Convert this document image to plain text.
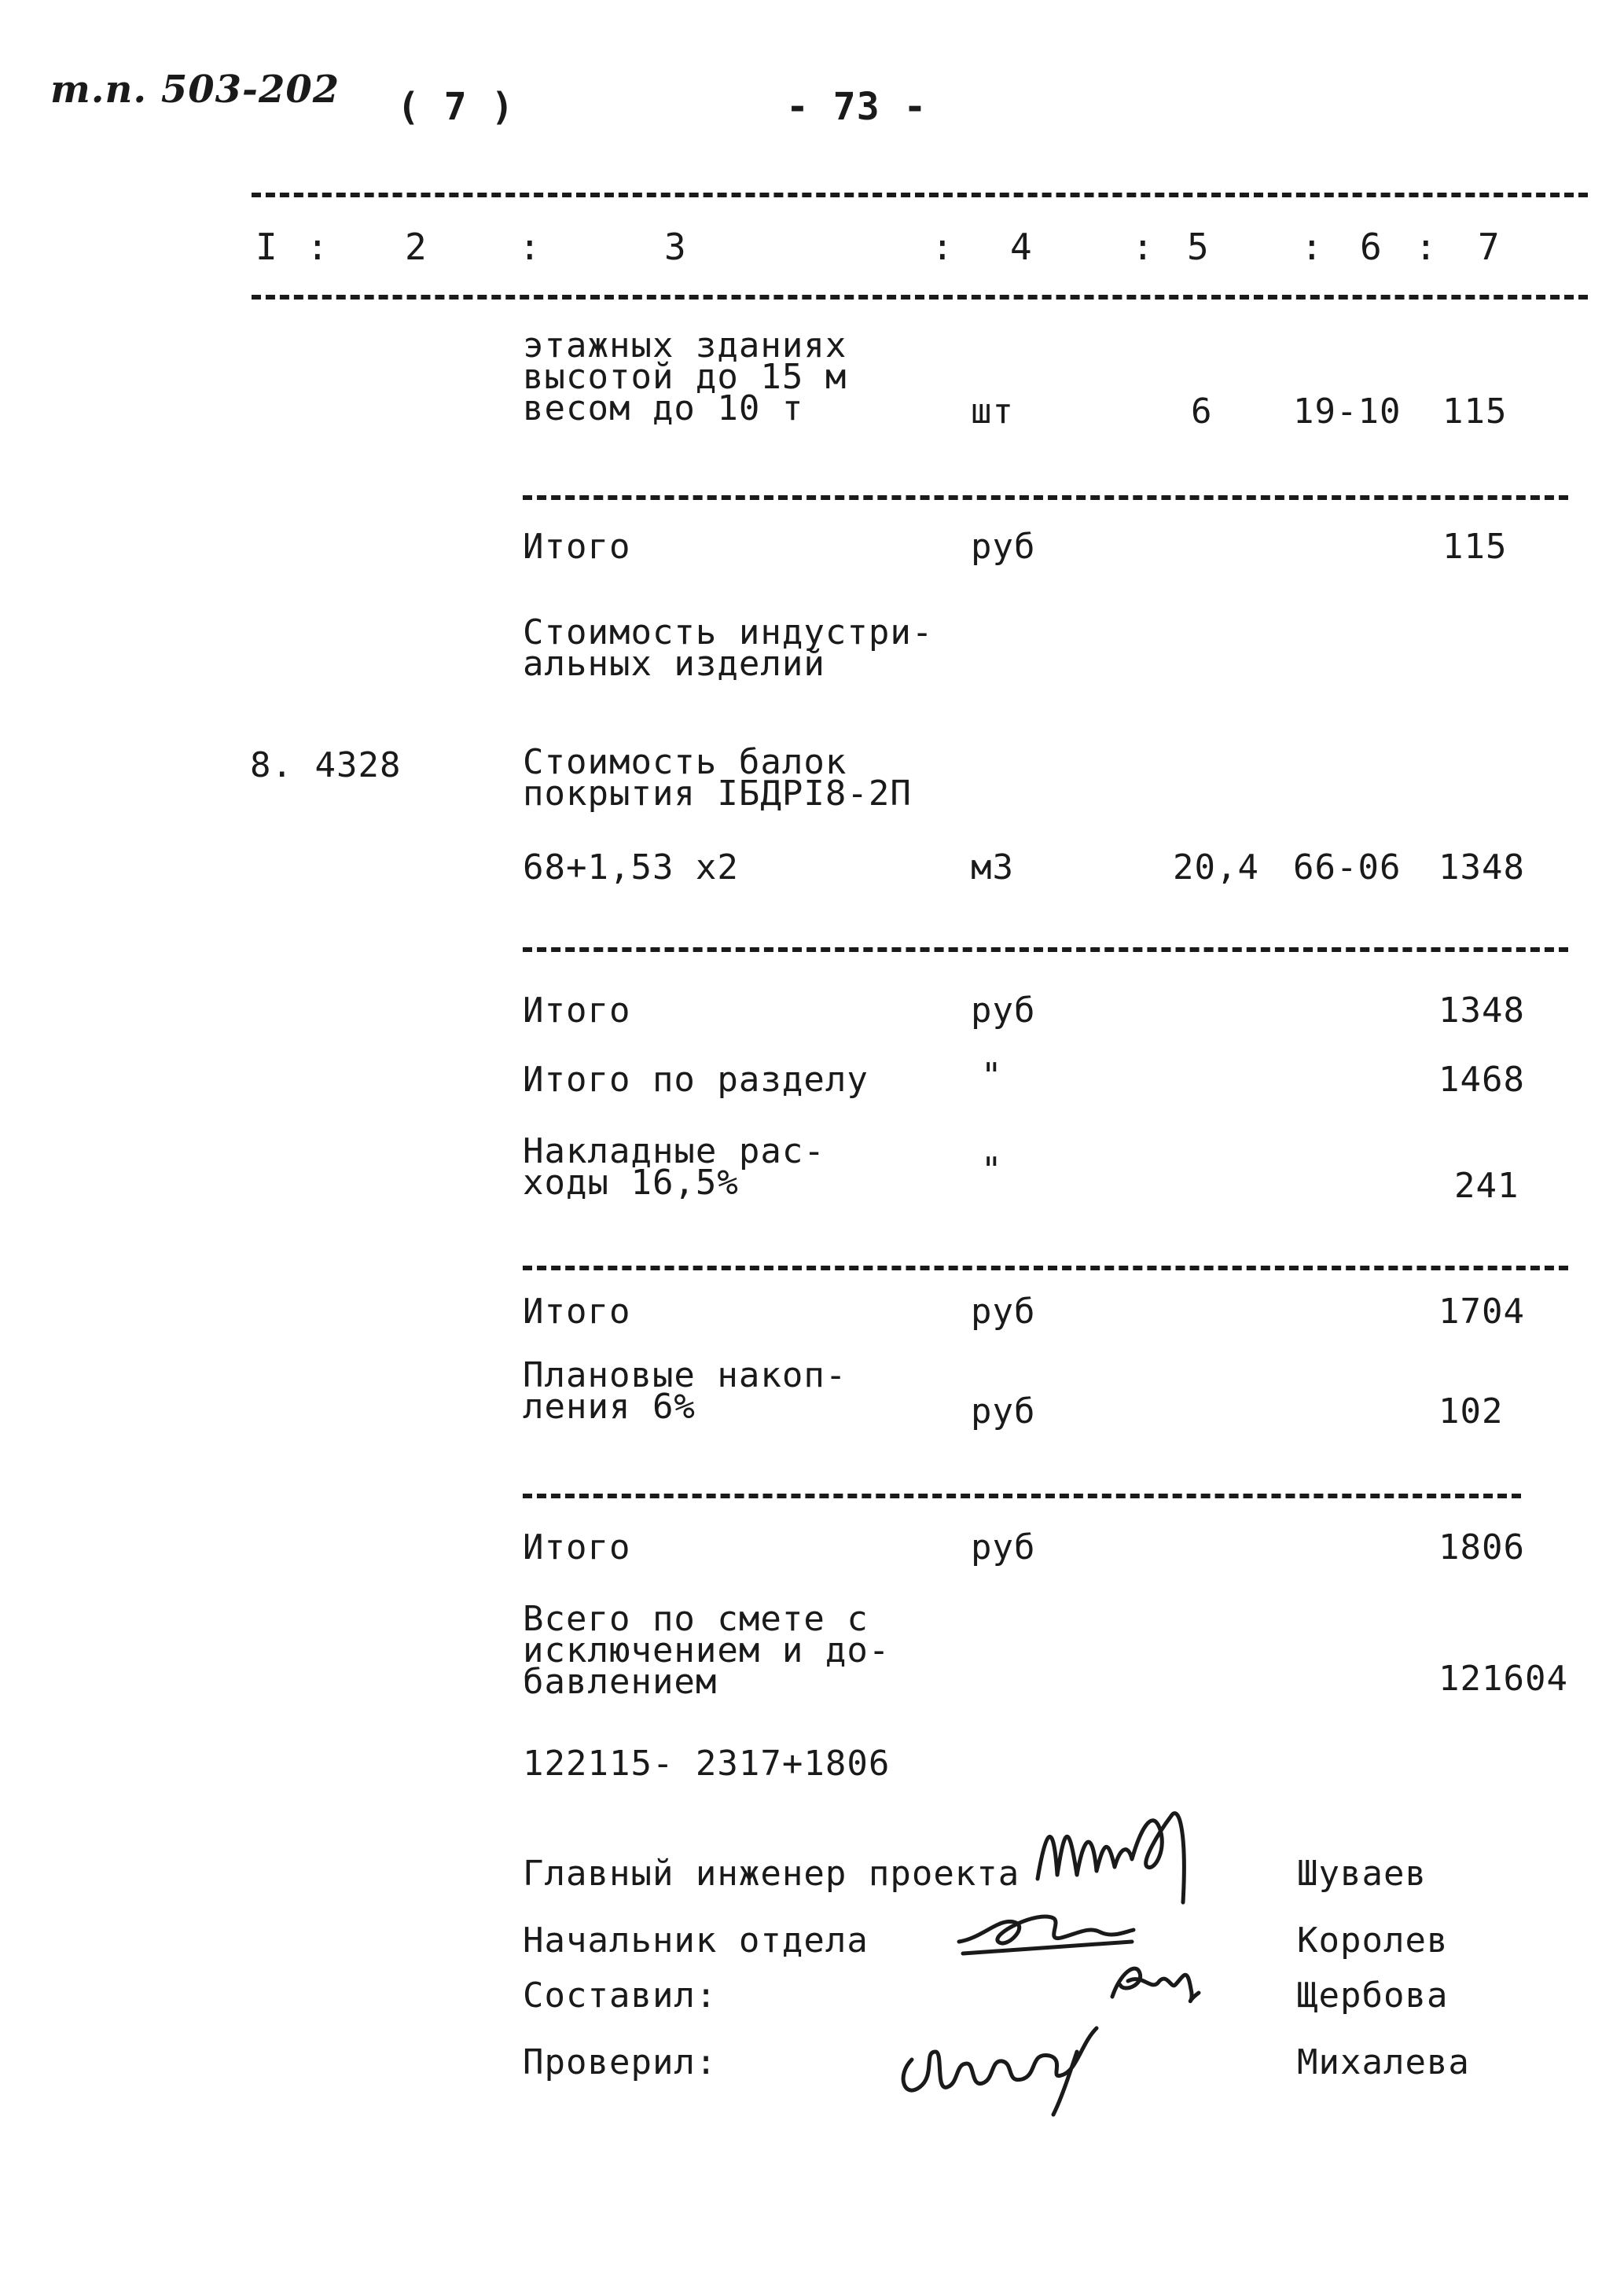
т.п. 503-202 ( 7 )	- 73 -
I : 2	:	3	: 4	: 5	: 6 : 7
этажных зданиях
высотой до 15 м
весом до 10 т	шт	6 19-10 115
Итого	руб	115
Стоимость индустри-
альных изделий
8. 4328	Стоимость балок
покрытия IБДРI8-2П
68+1,53 х2	м3	20,4 66-06 1348
Итого	руб	1348
Итого по разделу	"	1468
Накладные рас-
ходы 16,5%	"	241
Итого	руб	1704
Плановые накоп-
ления 6%	руб	102
Итого	руб	1806
Всего по смете с
исключением и до-
бавлением	121604
122115- 2317+1806
Главный инженер проекта	Шуваев
Начальник отдела	Королев
Составил:	Щербова
Проверил:	Михалева
